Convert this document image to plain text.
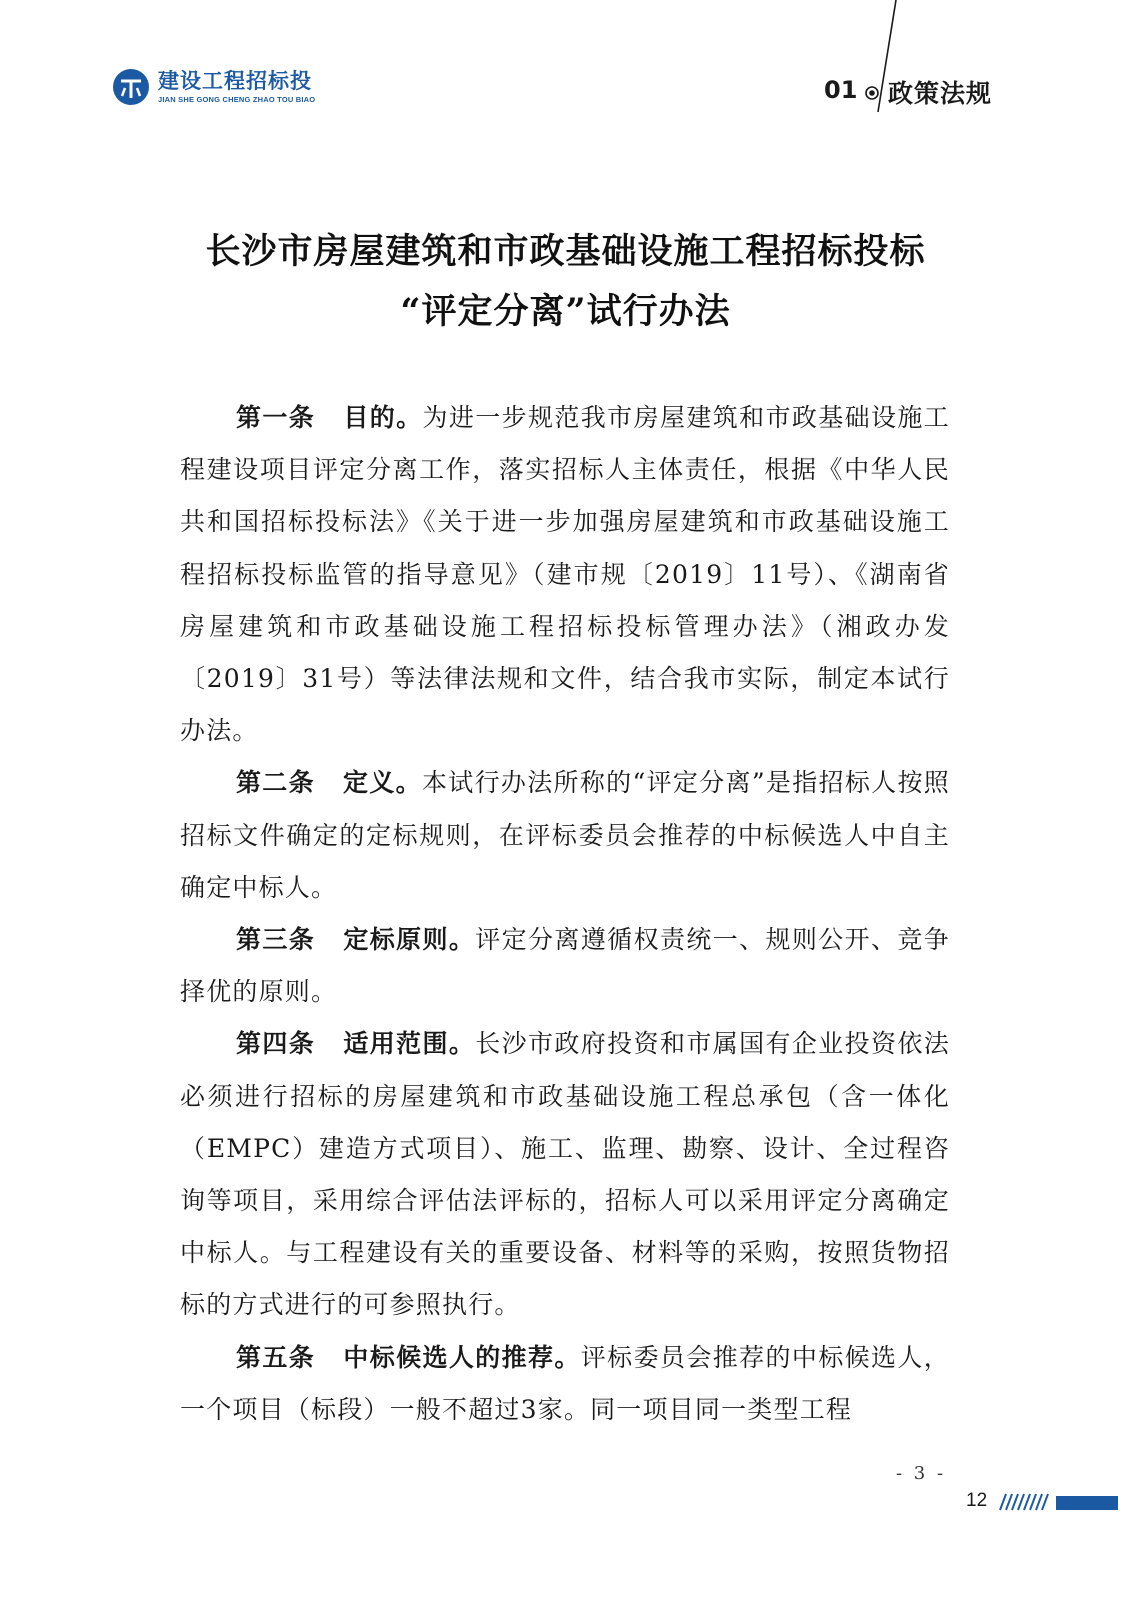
建设工程招标投
JIAN SHE GONG CHENG ZHAO TOU BIAO	01 政策法规
长沙市房屋建筑和市政基础设施工程招标投标
“评定分离”试行办法

第一条 目的。为进一步规范我市房屋建筑和市政基础设施工程建设项目评定分离工作，落实招标人主体责任，根据《中华人民共和国招标投标法》《关于进一步加强房屋建筑和市政基础设施工程招标投标监管的指导意见》（建市规〔2019〕11号）、《湖南省房屋建筑和市政基础设施工程招标投标管理办法》（湘政办发〔2019〕31号）等法律法规和文件，结合我市实际，制定本试行办法。

第二条 定义。本试行办法所称的“评定分离”是指招标人按照招标文件确定的定标规则，在评标委员会推荐的中标候选人中自主确定中标人。

第三条 定标原则。评定分离遵循权责统一、规则公开、竞争择优的原则。

第四条 适用范围。长沙市政府投资和市属国有企业投资依法必须进行招标的房屋建筑和市政基础设施工程总承包（含一体化（EMPC）建造方式项目）、施工、监理、勘察、设计、全过程咨询等项目，采用综合评估法评标的，招标人可以采用评定分离确定中标人。与工程建设有关的重要设备、材料等的采购，按照货物招标的方式进行的可参照执行。

第五条 中标候选人的推荐。评标委员会推荐的中标候选人，一个项目（标段）一般不超过3家。同一项目同一类型工程

- 3 -
12
